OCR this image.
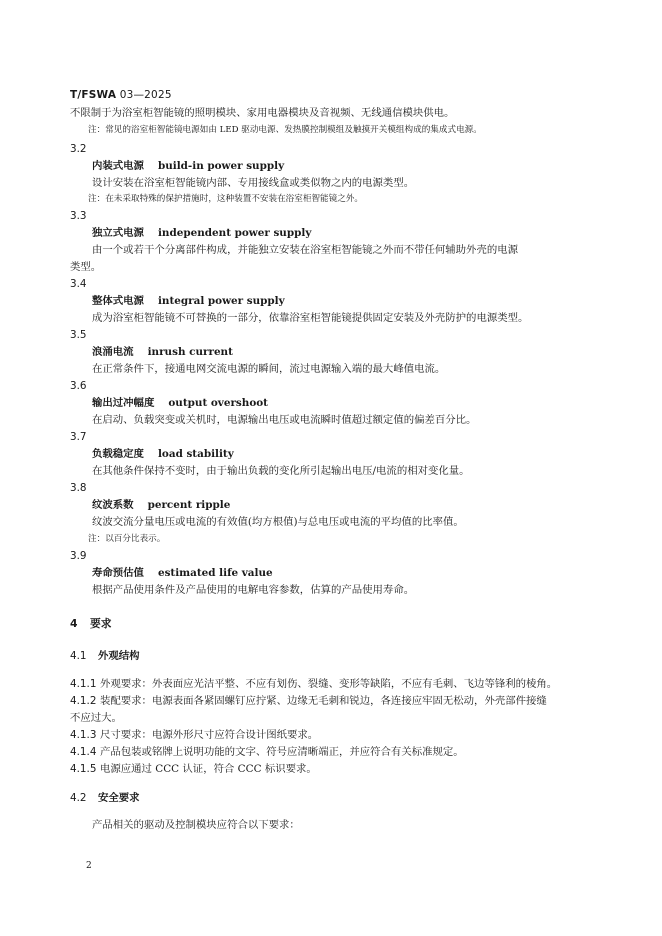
T/FSWA 03—2025
不限制于为浴室柜智能镜的照明模块、家用电器模块及音视频、无线通信模块供电。
注：常见的浴室柜智能镜电源如由 LED 驱动电源、发热膜控制模组及触摸开关模组构成的集成式电源。
3.2
内装式电源 build-in power supply
设计安装在浴室柜智能镜内部、专用接线盒或类似物之内的电源类型。
注：在未采取特殊的保护措施时，这种装置不安装在浴室柜智能镜之外。
3.3
独立式电源 independent power supply
由一个或若干个分离部件构成，并能独立安装在浴室柜智能镜之外而不带任何辅助外壳的电源
类型。
3.4
整体式电源 integral power supply
成为浴室柜智能镜不可替换的一部分，依靠浴室柜智能镜提供固定安装及外壳防护的电源类型。
3.5
浪涌电流 inrush current
在正常条件下，接通电网交流电源的瞬间，流过电源输入端的最大峰值电流。
3.6
输出过冲幅度 output overshoot
在启动、负载突变或关机时，电源输出电压或电流瞬时值超过额定值的偏差百分比。
3.7
负载稳定度 load stability
在其他条件保持不变时，由于输出负载的变化所引起输出电压/电流的相对变化量。
3.8
纹波系数 percent ripple
纹波交流分量电压或电流的有效值(均方根值)与总电压或电流的平均值的比率值。
注：以百分比表示。
3.9
寿命预估值 estimated life value
根据产品使用条件及产品使用的电解电容参数，估算的产品使用寿命。
4 要求
4.1 外观结构
4.1.1 外观要求：外表面应光洁平整、不应有划伤、裂缝、变形等缺陷，不应有毛刺、飞边等锋利的棱角。
4.1.2 装配要求：电源表面各紧固螺钉应拧紧、边缘无毛刺和锐边，各连接应牢固无松动，外壳部件接缝
不应过大。
4.1.3 尺寸要求：电源外形尺寸应符合设计图纸要求。
4.1.4 产品包装或铭牌上说明功能的文字、符号应清晰端正，并应符合有关标准规定。
4.1.5 电源应通过 CCC 认证，符合 CCC 标识要求。
4.2 安全要求
产品相关的驱动及控制模块应符合以下要求：
2
